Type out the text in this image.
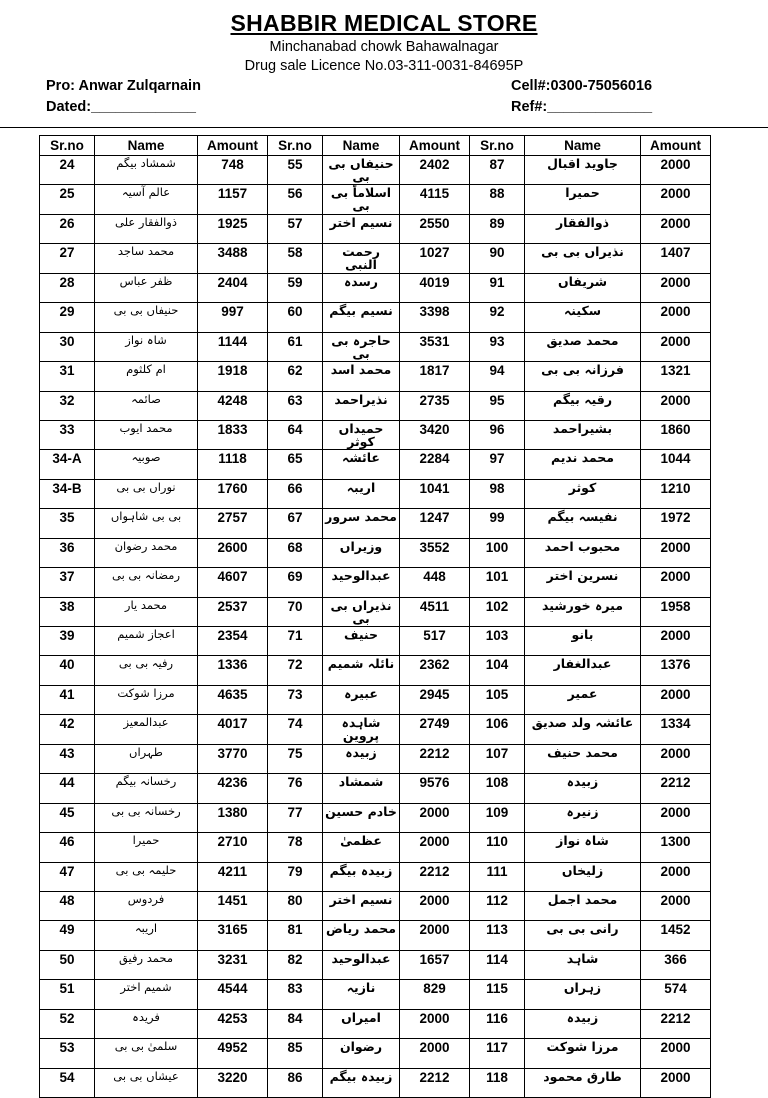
SHABBIR MEDICAL STORE
Minchanabad chowk Bahawalnagar
Drug sale Licence No.03-311-0031-84695P
Pro: Anwar Zulqarnain	Cell#:0300-75056016
Dated:_____________	Ref#:_____________
Sr.no	Name	Amount	Sr.no	Name	Amount	Sr.no	Name	Amount
24	شمشاد بیگم	748	55	حنیفاں بی بی	2402	87	جاوید اقبال	2000
25	عالم آسیہ	1157	56	اسلاماً بی بی	4115	88	حمیرا	2000
26	ذوالفقار علی	1925	57	نسیم اختر	2550	89	ذوالفقار	2000
27	محمد ساجد	3488	58	رحمت النبی	1027	90	نذیراں بی بی	1407
28	ظفر عباس	2404	59	رسدہ	4019	91	شریفاں	2000
29	حنیفاں بی بی	997	60	نسیم بیگم	3398	92	سکینہ	2000
30	شاہ نواز	1144	61	حاجرہ بی بی	3531	93	محمد صدیق	2000
31	ام کلثوم	1918	62	محمد اسد	1817	94	فرزانہ بی بی	1321
32	صائمہ	4248	63	نذیراحمد	2735	95	رقیہ بیگم	2000
33	محمد ایوب	1833	64	حمیداں کوثر	3420	96	بشیراحمد	1860
34-A	صوبیہ	1118	65	عائشہ	2284	97	محمد ندیم	1044
34-B	نوراں بی بی	1760	66	اریبہ	1041	98	کوثر	1210
35	بی بی شاہواں	2757	67	محمد سرور	1247	99	نفیسہ بیگم	1972
36	محمد رضوان	2600	68	وزیراں	3552	100	محبوب احمد	2000
37	رمضانہ بی بی	4607	69	عبدالوحید	448	101	نسرین اختر	2000
38	محمد یار	2537	70	نذیراں بی بی	4511	102	میرہ خورشید	1958
39	اعجاز شمیم	2354	71	حنیف	517	103	بانو	2000
40	رفیہ بی بی	1336	72	نائلہ شمیم	2362	104	عبدالغفار	1376
41	مرزا شوکت	4635	73	عبیرہ	2945	105	عمیر	2000
42	عبدالمعیز	4017	74	شاہدہ پروین	2749	106	عائشہ ولد صدیق	1334
43	طہراں	3770	75	زبیدہ	2212	107	محمد حنیف	2000
44	رخسانہ بیگم	4236	76	شمشاد	9576	108	زبیدہ	2212
45	رخسانہ بی بی	1380	77	خادم حسین	2000	109	زنیرہ	2000
46	حمیرا	2710	78	عظمیٰ	2000	110	شاہ نواز	1300
47	حلیمہ بی بی	4211	79	زبیدہ بیگم	2212	111	زلیخاں	2000
48	فردوس	1451	80	نسیم اختر	2000	112	محمد اجمل	2000
49	اریبہ	3165	81	محمد ریاض	2000	113	رانی بی بی	1452
50	محمد رفیق	3231	82	عبدالوحید	1657	114	شاہد	366
51	شمیم اختر	4544	83	نازیہ	829	115	زہراں	574
52	فریدہ	4253	84	امیراں	2000	116	زبیدہ	2212
53	سلمیٰ بی بی	4952	85	رضوان	2000	117	مرزا شوکت	2000
54	عیشاں بی بی	3220	86	زبیدہ بیگم	2212	118	طارق محمود	2000
